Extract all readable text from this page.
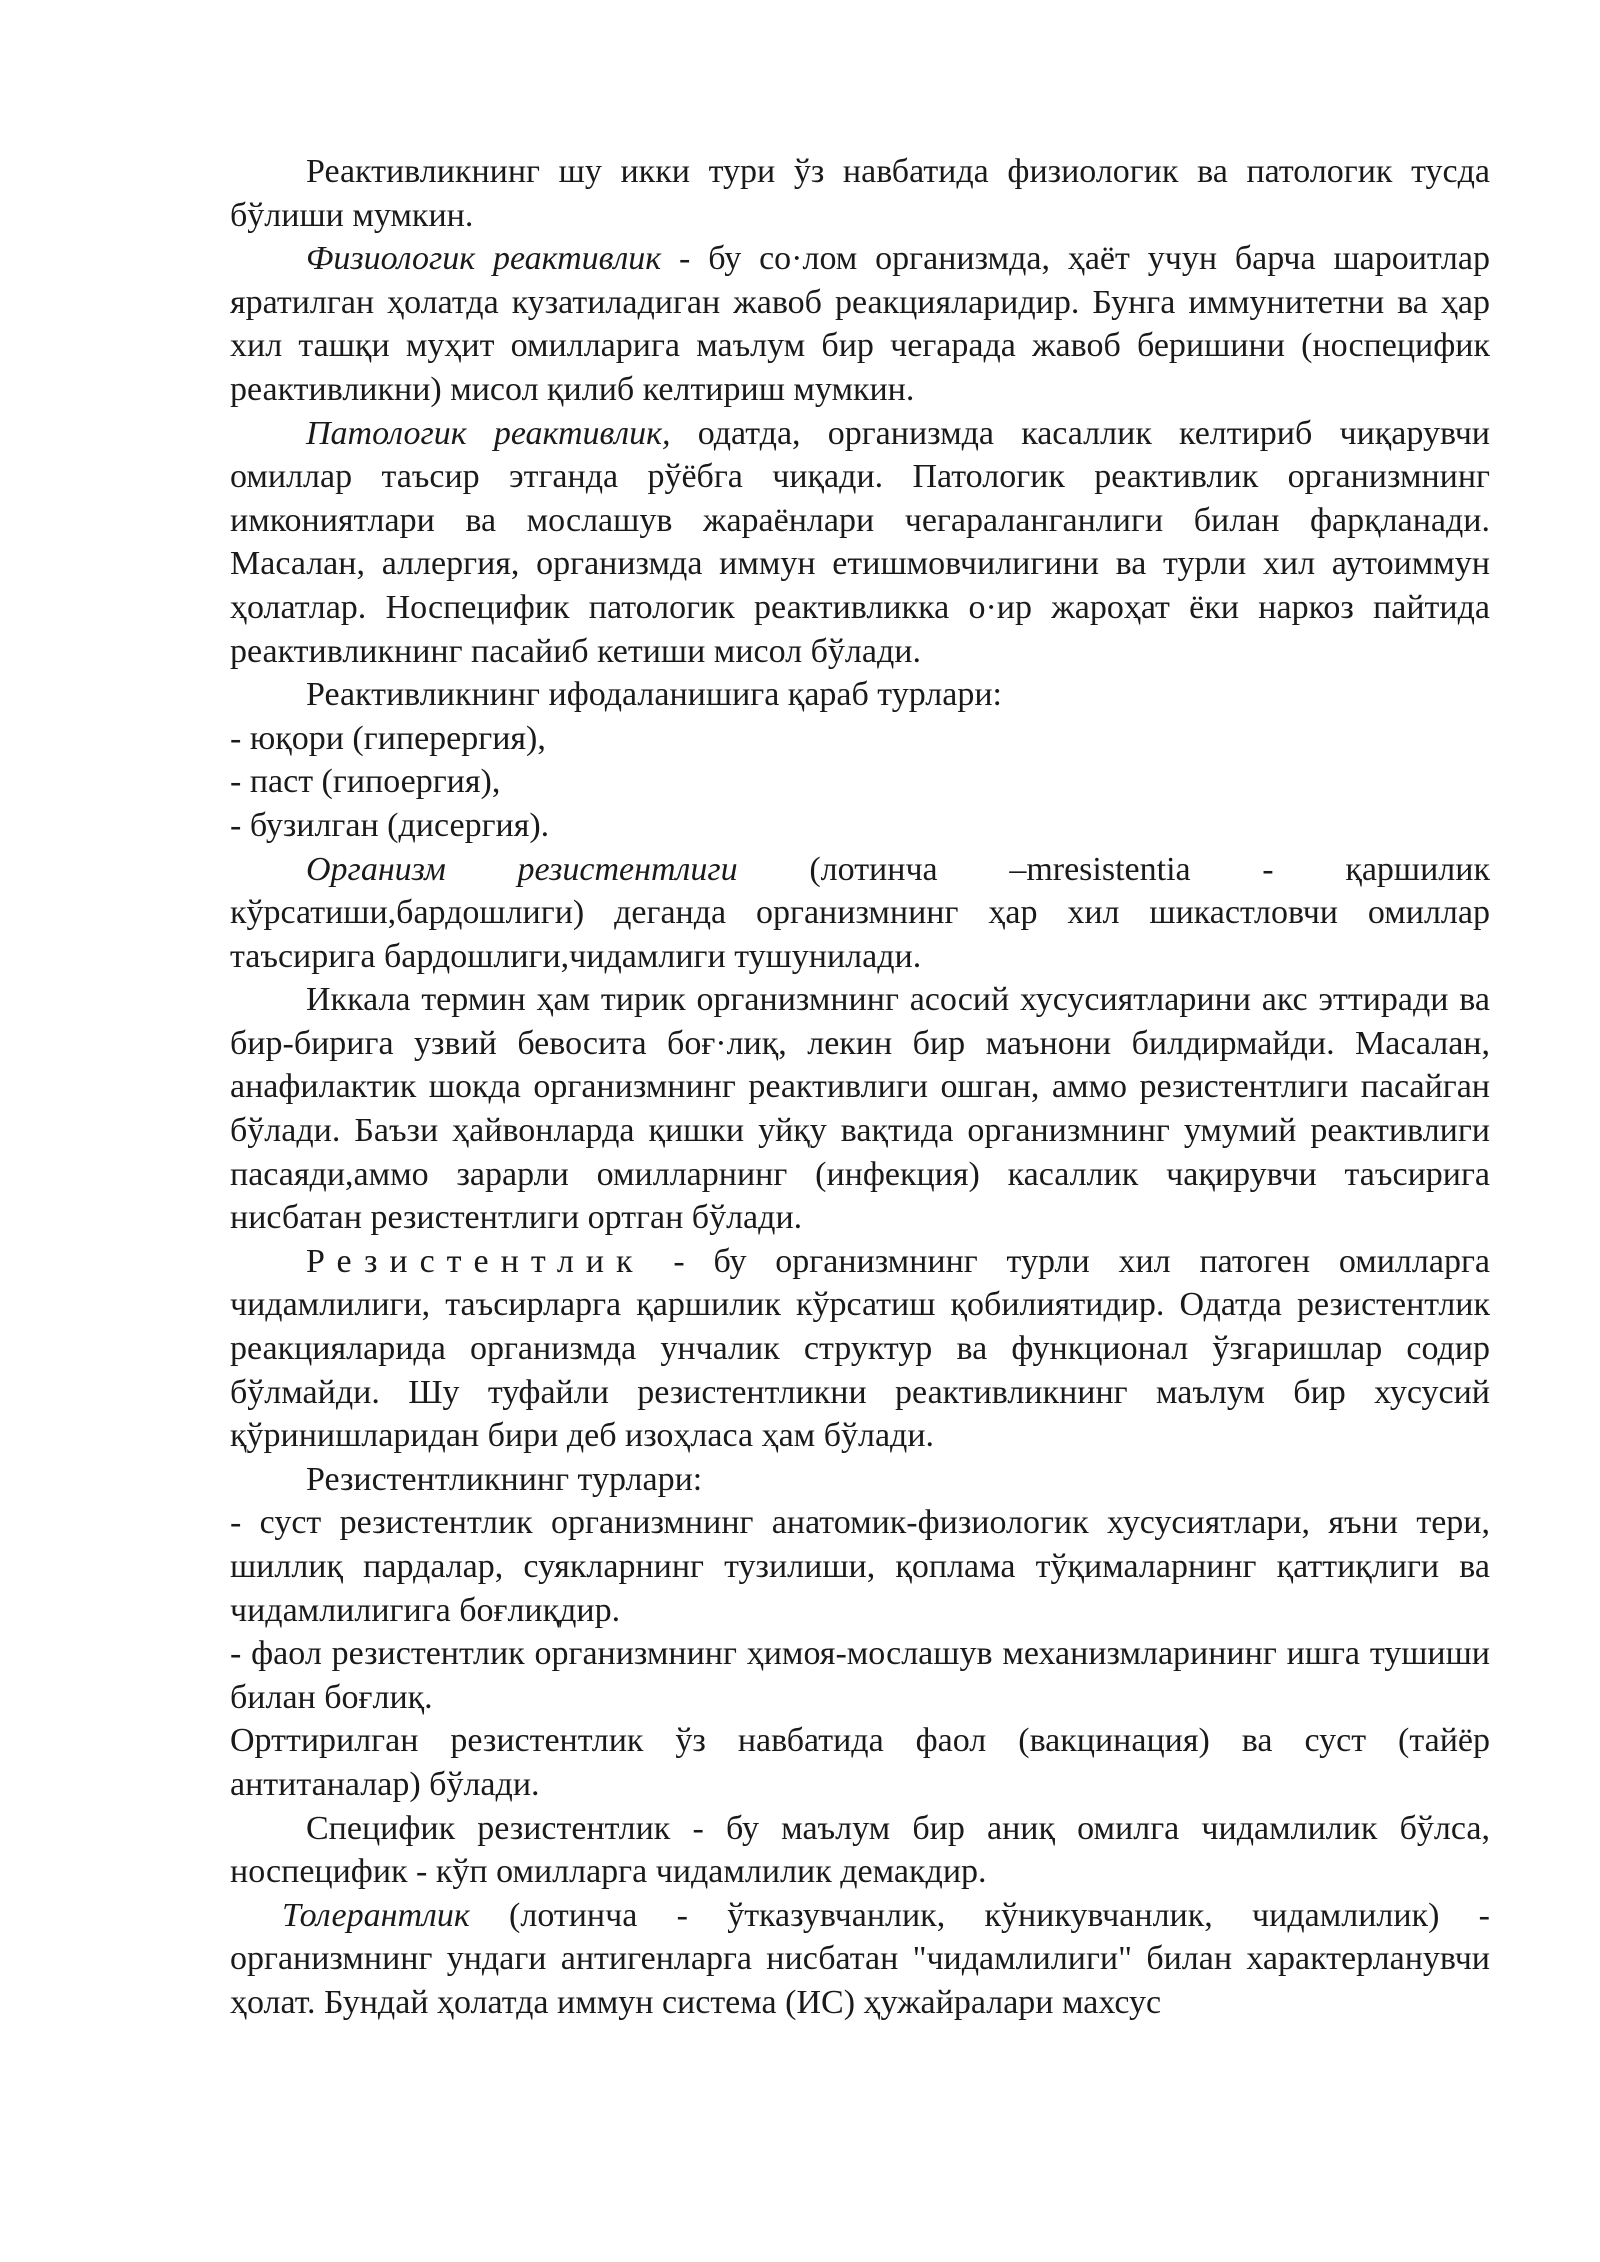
Реактивликнинг шу икки тури ўз навбатида физиологик ва патологик тусда бўлиши мумкин.

Физиологик реактивлик - бу со·лом организмда, ҳаёт учун барча шароитлар яратилган ҳолатда кузатиладиган жавоб реакцияларидир. Бунга иммунитетни ва ҳар хил ташқи муҳит омилларига маълум бир чегарада жавоб беришини (носпецифик реактивликни) мисол қилиб келтириш мумкин.

Патологик реактивлик, одатда, организмда касаллик келтириб чиқарувчи омиллар таъсир этганда рўёбга чиқади. Патологик реактивлик организмнинг имкониятлари ва мослашув жараёнлари чегараланганлиги билан фарқланади. Масалан, аллергия, организмда иммун етишмовчилигини ва турли хил аутоиммун ҳолатлар. Носпецифик патологик реактивликка о·ир жароҳат ёки наркоз пайтида реактивликнинг пасайиб кетиши мисол бўлади.

Реактивликнинг ифодаланишига қараб турлари:

- юқори (гиперергия),

- паст (гипоергия),

- бузилган (дисергия).

Организм резистентлиги (лотинча –mresistentia - қаршилик кўрсатиши,бардошлиги) деганда организмнинг ҳар хил шикастловчи омиллар таъсирига бардошлиги,чидамлиги тушунилади.

Иккала термин ҳам тирик организмнинг асосий хусусиятларини акс эттиради ва бир-бирига узвий бевосита боғ·лиқ, лекин бир маънони билдирмайди. Масалан, анафилактик шокда организмнинг реактивлиги ошган, аммо резистентлиги пасайган бўлади. Баъзи ҳайвонларда қишки уйқу вақтида организмнинг умумий реактивлиги пасаяди,аммо зарарли омилларнинг (инфекция) касаллик чақирувчи таъсирига нисбатан резистентлиги ортган бўлади.

Резистентлик - бу организмнинг турли хил патоген омилларга чидамлилиги, таъсирларга қаршилик кўрсатиш қобилиятидир. Одатда резистентлик реакцияларида организмда унчалик структур ва функционал ўзгаришлар содир бўлмайди. Шу туфайли резистентликни реактивликнинг маълум бир хусусий қўринишларидан бири деб изоҳласа ҳам бўлади.

Резистентликнинг турлари:

- суст резистентлик организмнинг анатомик-физиологик хусусиятлари, яъни тери, шиллиқ пардалар, суякларнинг тузилиши, қоплама тўқималарнинг қаттиқлиги ва чидамлилигига боғлиқдир.

- фаол резистентлик организмнинг ҳимоя-мослашув механизмларининг ишга тушиши билан боғлиқ.

Орттирилган резистентлик ўз навбатида фаол (вакцинация) ва суст (тайёр антитаналар) бўлади.

Специфик резистентлик - бу маълум бир аниқ омилга чидамлилик бўлса, носпецифик - кўп омилларга чидамлилик демакдир.

Толерантлик (лотинча - ўтказувчанлик, кўникувчанлик, чидамлилик) - организмнинг ундаги антигенларга нисбатан "чидамлилиги" билан характерланувчи ҳолат. Бундай ҳолатда иммун система (ИС) ҳужайралари махсус
